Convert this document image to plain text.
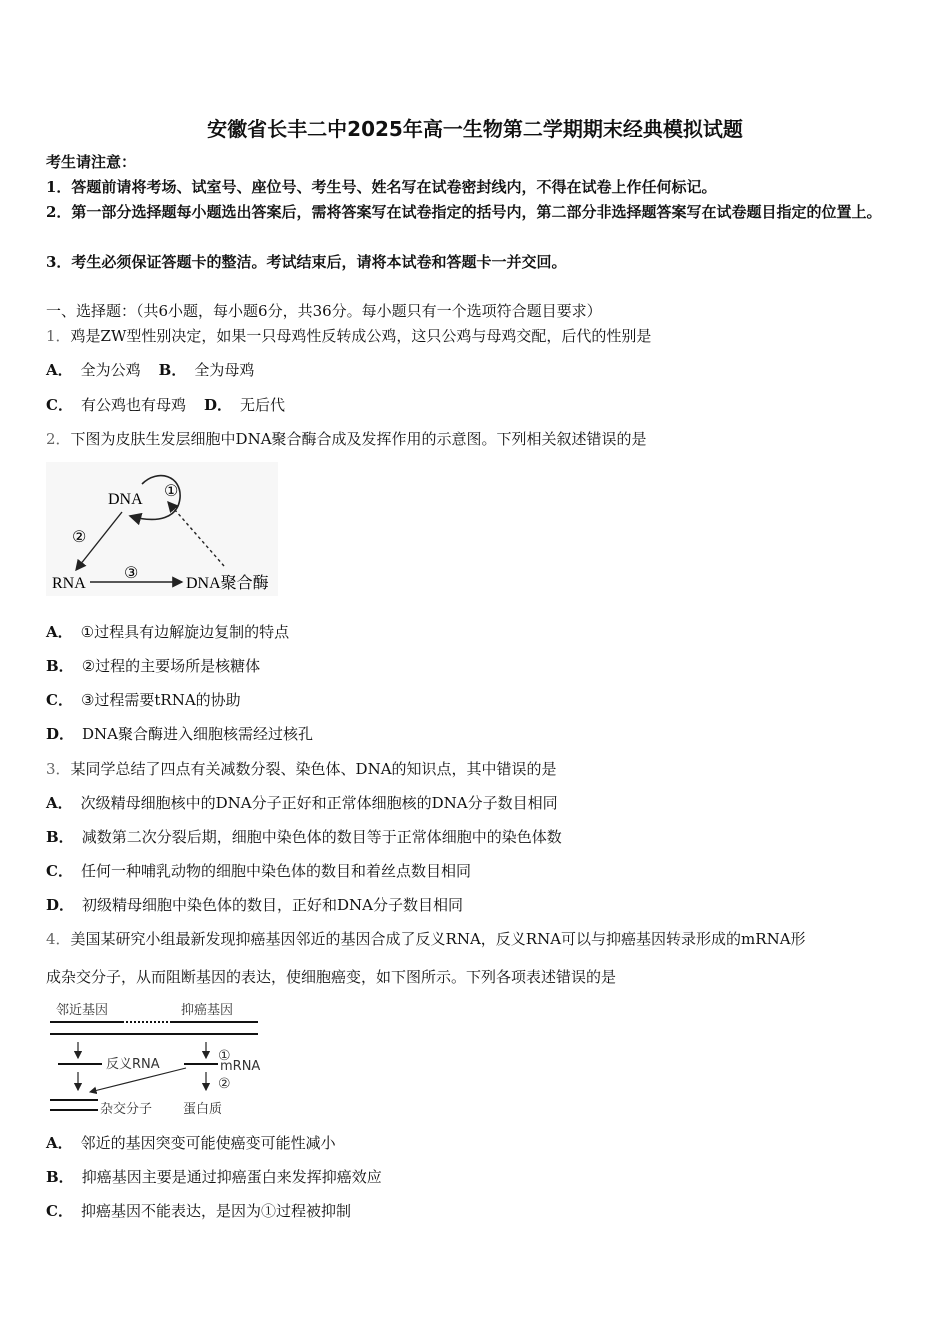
安徽省长丰二中2025年高一生物第二学期期末经典模拟试题
考生请注意：
1．答题前请将考场、试室号、座位号、考生号、姓名写在试卷密封线内，不得在试卷上作任何标记。
2．第一部分选择题每小题选出答案后，需将答案写在试卷指定的括号内，第二部分非选择题答案写在试卷题目指定的位置上。
3．考生必须保证答题卡的整洁。考试结束后，请将本试卷和答题卡一并交回。
一、选择题：（共6小题，每小题6分，共36分。每小题只有一个选项符合题目要求）
1．鸡是ZW型性别决定，如果一只母鸡性反转成公鸡，这只公鸡与母鸡交配，后代的性别是
A． 全为公鸡 B． 全为母鸡
C． 有公鸡也有母鸡 D． 无后代
2．下图为皮肤生发层细胞中DNA聚合酶合成及发挥作用的示意图。下列相关叙述错误的是
DNA ①
②
RNA
③
DNA聚合酶
A． ①过程具有边解旋边复制的特点
B． ②过程的主要场所是核糖体
C． ③过程需要tRNA的协助
D． DNA聚合酶进入细胞核需经过核孔
3．某同学总结了四点有关减数分裂、染色体、DNA的知识点，其中错误的是
A． 次级精母细胞核中的DNA分子正好和正常体细胞核的DNA分子数目相同
B． 减数第二次分裂后期，细胞中染色体的数目等于正常体细胞中的染色体数
C． 任何一种哺乳动物的细胞中染色体的数目和着丝点数目相同
D． 初级精母细胞中染色体的数目，正好和DNA分子数目相同
4．美国某研究小组最新发现抑癌基因邻近的基因合成了反义RNA，反义RNA可以与抑癌基因转录形成的mRNA形
成杂交分子，从而阻断基因的表达，使细胞癌变，如下图所示。下列各项表述错误的是
邻近基因	抑癌基因
反义RNA
①
mRNA
②
杂交分子 蛋白质
A． 邻近的基因突变可能使癌变可能性减小
B． 抑癌基因主要是通过抑癌蛋白来发挥抑癌效应
C． 抑癌基因不能表达，是因为①过程被抑制
